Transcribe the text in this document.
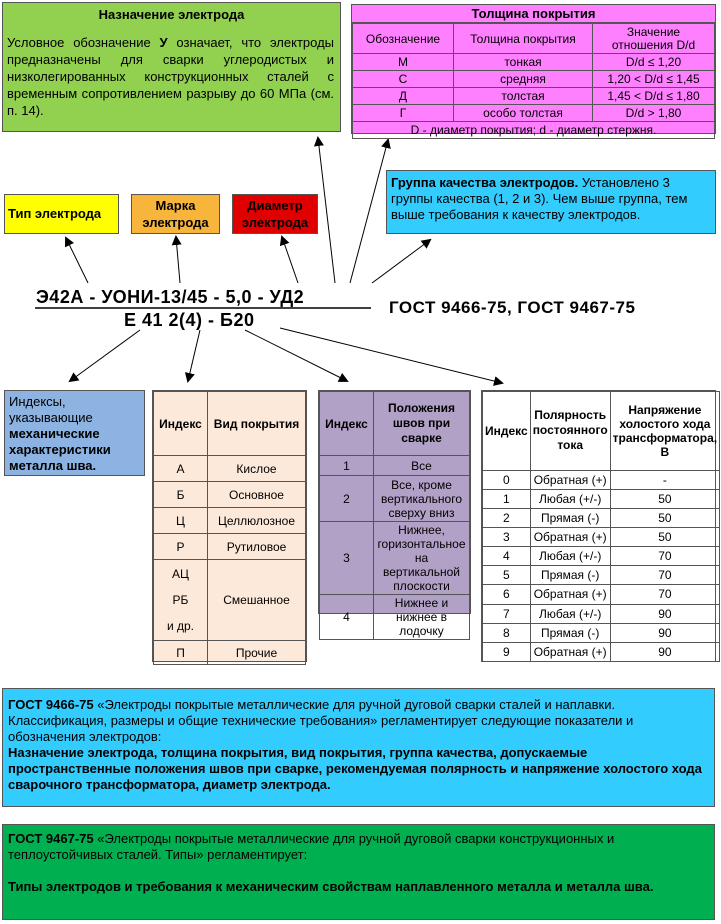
Назначение электрода
Условное обозначение У означает, что электроды предназначены для сварки углеродистых и низколегированных конструкционных сталей с временным сопротивлением разрыву до 60 МПа (см. п. 14).
Толщина покрытия
Обозначение	Толщина покрытия	Значение отношения D/d
М	тонкая	D/d ≤ 1,20
С	средняя	1,20 < D/d ≤ 1,45
Д	толстая	1,45 < D/d ≤ 1,80
Г	особо толстая	D/d > 1,80
D - диаметр покрытия; d - диаметр стержня.		
Тип электрода
Марка электрода
Диаметр электрода
Группа качества электродов. Установлено 3 группы качества (1, 2 и 3). Чем выше группа, тем выше требования к качеству электродов.
Э42А - УОНИ-13/45 - 5,0 - УД2
Е 41 2(4) - Б20
ГОСТ 9466-75, ГОСТ 9467-75
Индексы, указывающие механические характеристики металла шва.
Индекс	Вид покрытия
А	Кислое
Б	Основное
Ц	Целлюлозное
Р	Рутиловое

АЦ
РБ
и др.	Смешанное
П	Прочие
Индекс	Положения швов при сварке
1	Все
2	Все, кроме вертикального сверху вниз
3	Нижнее, горизонтальное на вертикальной плоскости
4	Нижнее и нижнее в лодочку
Индекс	Полярность постоянного тока	Напряжение холостого хода трансформатора, В
0	Обратная (+)	-
1	Любая (+/-)	50
2	Прямая (-)	50
3	Обратная (+)	50
4	Любая (+/-)	70
5	Прямая (-)	70
6	Обратная (+)	70
7	Любая (+/-)	90
8	Прямая (-)	90
9	Обратная (+)	90
ГОСТ 9466-75 «Электроды покрытые металлические для ручной дуговой сварки сталей и наплавки. Классификация, размеры и общие технические требования» регламентирует следующие показатели и обозначения электродов:
Назначение электрода, толщина покрытия, вид покрытия, группа качества, допускаемые пространственные положения швов при сварке, рекомендуемая полярность и напряжение холостого хода сварочного трансформатора, диаметр электрода.
ГОСТ 9467-75 «Электроды покрытые металлические для ручной дуговой сварки конструкционных и теплоустойчивых сталей. Типы» регламентирует:
Типы электродов и требования к механическим свойствам наплавленного металла и металла шва.
